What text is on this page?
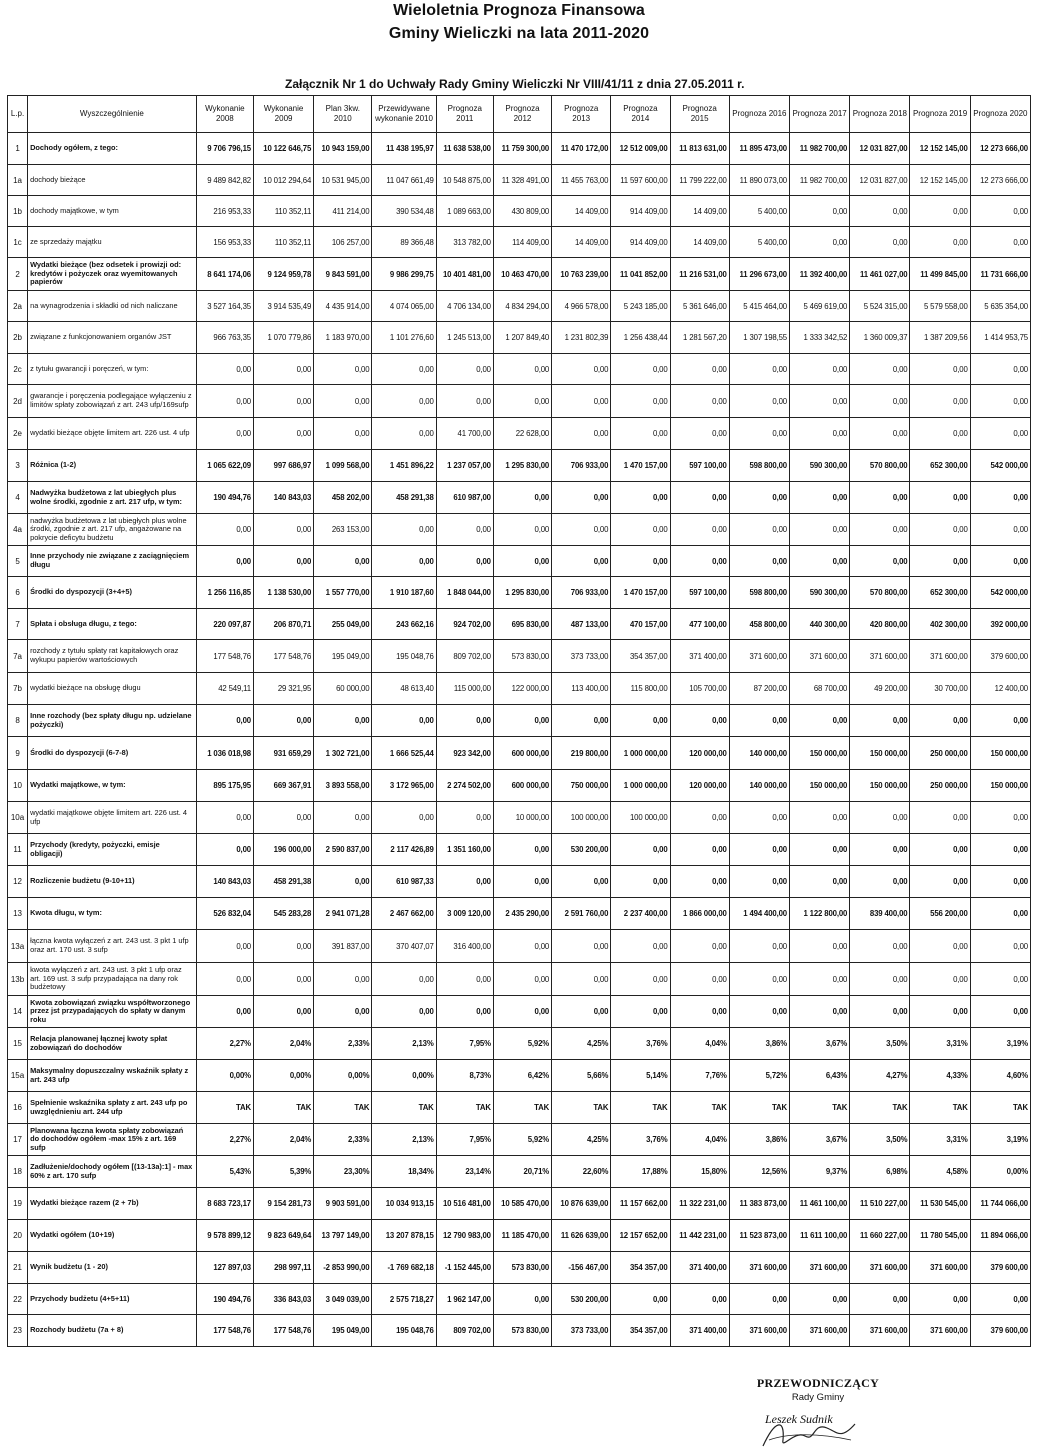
Wieloletnia Prognoza Finansowa
Gminy Wieliczki na lata 2011-2020
Załącznik Nr 1 do Uchwały Rady Gminy Wieliczki Nr VIII/41/11 z dnia 27.05.2011 r.
L.p.	Wyszczególnienie	Wykonanie 2008	Wykonanie 2009	Plan 3kw. 2010	Przewidywane wykonanie 2010	Prognoza 2011	Prognoza 2012	Prognoza 2013	Prognoza 2014	Prognoza 2015	Prognoza 2016	Prognoza 2017	Prognoza 2018	Prognoza 2019	Prognoza 2020
1	Dochody ogółem, z tego:	9 706 796,15	10 122 646,75	10 943 159,00	11 438 195,97	11 638 538,00	11 759 300,00	11 470 172,00	12 512 009,00	11 813 631,00	11 895 473,00	11 982 700,00	12 031 827,00	12 152 145,00	12 273 666,00
1a	dochody bieżące	9 489 842,82	10 012 294,64	10 531 945,00	11 047 661,49	10 548 875,00	11 328 491,00	11 455 763,00	11 597 600,00	11 799 222,00	11 890 073,00	11 982 700,00	12 031 827,00	12 152 145,00	12 273 666,00
1b	dochody majątkowe, w tym	216 953,33	110 352,11	411 214,00	390 534,48	1 089 663,00	430 809,00	14 409,00	914 409,00	14 409,00	5 400,00	0,00	0,00	0,00	0,00
1c	ze sprzedaży majątku	156 953,33	110 352,11	106 257,00	89 366,48	313 782,00	114 409,00	14 409,00	914 409,00	14 409,00	5 400,00	0,00	0,00	0,00	0,00
2	Wydatki bieżące (bez odsetek i prowizji od: kredytów i pożyczek oraz wyemitowanych papierów	8 641 174,06	9 124 959,78	9 843 591,00	9 986 299,75	10 401 481,00	10 463 470,00	10 763 239,00	11 041 852,00	11 216 531,00	11 296 673,00	11 392 400,00	11 461 027,00	11 499 845,00	11 731 666,00
2a	na wynagrodzenia i składki od nich naliczane	3 527 164,35	3 914 535,49	4 435 914,00	4 074 065,00	4 706 134,00	4 834 294,00	4 966 578,00	5 243 185,00	5 361 646,00	5 415 464,00	5 469 619,00	5 524 315,00	5 579 558,00	5 635 354,00
2b	związane z funkcjonowaniem organów JST	966 763,35	1 070 779,86	1 183 970,00	1 101 276,60	1 245 513,00	1 207 849,40	1 231 802,39	1 256 438,44	1 281 567,20	1 307 198,55	1 333 342,52	1 360 009,37	1 387 209,56	1 414 953,75
2c	z tytułu gwarancji i poręczeń, w tym:	0,00	0,00	0,00	0,00	0,00	0,00	0,00	0,00	0,00	0,00	0,00	0,00	0,00	0,00
2d	gwarancje i poręczenia podlegające wyłączeniu z limitów spłaty zobowiązań z art. 243 ufp/169sufp	0,00	0,00	0,00	0,00	0,00	0,00	0,00	0,00	0,00	0,00	0,00	0,00	0,00	0,00
2e	wydatki bieżące objęte limitem art. 226 ust. 4 ufp	0,00	0,00	0,00	0,00	41 700,00	22 628,00	0,00	0,00	0,00	0,00	0,00	0,00	0,00	0,00
3	Różnica (1-2)	1 065 622,09	997 686,97	1 099 568,00	1 451 896,22	1 237 057,00	1 295 830,00	706 933,00	1 470 157,00	597 100,00	598 800,00	590 300,00	570 800,00	652 300,00	542 000,00
4	Nadwyżka budżetowa z lat ubiegłych plus wolne środki, zgodnie z art. 217 ufp, w tym:	190 494,76	140 843,03	458 202,00	458 291,38	610 987,00	0,00	0,00	0,00	0,00	0,00	0,00	0,00	0,00	0,00
4a	nadwyżka budżetowa z lat ubiegłych plus wolne środki, zgodnie z art. 217 ufp, angażowane na pokrycie deficytu budżetu	0,00	0,00	263 153,00	0,00	0,00	0,00	0,00	0,00	0,00	0,00	0,00	0,00	0,00	0,00
5	Inne przychody nie związane z zaciągnięciem długu	0,00	0,00	0,00	0,00	0,00	0,00	0,00	0,00	0,00	0,00	0,00	0,00	0,00	0,00
6	Środki do dyspozycji (3+4+5)	1 256 116,85	1 138 530,00	1 557 770,00	1 910 187,60	1 848 044,00	1 295 830,00	706 933,00	1 470 157,00	597 100,00	598 800,00	590 300,00	570 800,00	652 300,00	542 000,00
7	Spłata i obsługa długu, z tego:	220 097,87	206 870,71	255 049,00	243 662,16	924 702,00	695 830,00	487 133,00	470 157,00	477 100,00	458 800,00	440 300,00	420 800,00	402 300,00	392 000,00
7a	rozchody z tytułu spłaty rat kapitałowych oraz wykupu papierów wartościowych	177 548,76	177 548,76	195 049,00	195 048,76	809 702,00	573 830,00	373 733,00	354 357,00	371 400,00	371 600,00	371 600,00	371 600,00	371 600,00	379 600,00
7b	wydatki bieżące na obsługę długu	42 549,11	29 321,95	60 000,00	48 613,40	115 000,00	122 000,00	113 400,00	115 800,00	105 700,00	87 200,00	68 700,00	49 200,00	30 700,00	12 400,00
8	Inne rozchody (bez spłaty długu np. udzielane pożyczki)	0,00	0,00	0,00	0,00	0,00	0,00	0,00	0,00	0,00	0,00	0,00	0,00	0,00	0,00
9	Środki do dyspozycji (6-7-8)	1 036 018,98	931 659,29	1 302 721,00	1 666 525,44	923 342,00	600 000,00	219 800,00	1 000 000,00	120 000,00	140 000,00	150 000,00	150 000,00	250 000,00	150 000,00
10	Wydatki majątkowe, w tym:	895 175,95	669 367,91	3 893 558,00	3 172 965,00	2 274 502,00	600 000,00	750 000,00	1 000 000,00	120 000,00	140 000,00	150 000,00	150 000,00	250 000,00	150 000,00
10a	wydatki majątkowe objęte limitem art. 226 ust. 4 ufp	0,00	0,00	0,00	0,00	0,00	10 000,00	100 000,00	100 000,00	0,00	0,00	0,00	0,00	0,00	0,00
11	Przychody (kredyty, pożyczki, emisje obligacji)	0,00	196 000,00	2 590 837,00	2 117 426,89	1 351 160,00	0,00	530 200,00	0,00	0,00	0,00	0,00	0,00	0,00	0,00
12	Rozliczenie budżetu (9-10+11)	140 843,03	458 291,38	0,00	610 987,33	0,00	0,00	0,00	0,00	0,00	0,00	0,00	0,00	0,00	0,00
13	Kwota długu, w tym:	526 832,04	545 283,28	2 941 071,28	2 467 662,00	3 009 120,00	2 435 290,00	2 591 760,00	2 237 400,00	1 866 000,00	1 494 400,00	1 122 800,00	839 400,00	556 200,00	0,00
13a	łączna kwota wyłączeń z art. 243 ust. 3 pkt 1 ufp oraz art. 170 ust. 3 sufp	0,00	0,00	391 837,00	370 407,07	316 400,00	0,00	0,00	0,00	0,00	0,00	0,00	0,00	0,00	0,00
13b	kwota wyłączeń z art. 243 ust. 3 pkt 1 ufp oraz art. 169 ust. 3 sufp przypadająca na dany rok budżetowy	0,00	0,00	0,00	0,00	0,00	0,00	0,00	0,00	0,00	0,00	0,00	0,00	0,00	0,00
14	Kwota zobowiązań związku współtworzonego przez jst przypadających do spłaty w danym roku	0,00	0,00	0,00	0,00	0,00	0,00	0,00	0,00	0,00	0,00	0,00	0,00	0,00	0,00
15	Relacja planowanej łącznej kwoty spłat zobowiązań do dochodów	2,27%	2,04%	2,33%	2,13%	7,95%	5,92%	4,25%	3,76%	4,04%	3,86%	3,67%	3,50%	3,31%	3,19%
15a	Maksymalny dopuszczalny wskaźnik spłaty z art. 243 ufp	0,00%	0,00%	0,00%	0,00%	8,73%	6,42%	5,66%	5,14%	7,76%	5,72%	6,43%	4,27%	4,33%	4,60%
16	Spełnienie wskaźnika spłaty z art. 243 ufp po uwzględnieniu art. 244 ufp	TAK	TAK	TAK	TAK	TAK	TAK	TAK	TAK	TAK	TAK	TAK	TAK	TAK	TAK
17	Planowana łączna kwota spłaty zobowiązań do dochodów ogółem -max 15% z art. 169 sufp	2,27%	2,04%	2,33%	2,13%	7,95%	5,92%	4,25%	3,76%	4,04%	3,86%	3,67%	3,50%	3,31%	3,19%
18	Zadłużenie/dochody ogółem [(13-13a):1] - max 60% z art. 170 sufp	5,43%	5,39%	23,30%	18,34%	23,14%	20,71%	22,60%	17,88%	15,80%	12,56%	9,37%	6,98%	4,58%	0,00%
19	Wydatki bieżące razem (2 + 7b)	8 683 723,17	9 154 281,73	9 903 591,00	10 034 913,15	10 516 481,00	10 585 470,00	10 876 639,00	11 157 662,00	11 322 231,00	11 383 873,00	11 461 100,00	11 510 227,00	11 530 545,00	11 744 066,00
20	Wydatki ogółem (10+19)	9 578 899,12	9 823 649,64	13 797 149,00	13 207 878,15	12 790 983,00	11 185 470,00	11 626 639,00	12 157 652,00	11 442 231,00	11 523 873,00	11 611 100,00	11 660 227,00	11 780 545,00	11 894 066,00
21	Wynik budżetu (1 - 20)	127 897,03	298 997,11	-2 853 990,00	-1 769 682,18	-1 152 445,00	573 830,00	-156 467,00	354 357,00	371 400,00	371 600,00	371 600,00	371 600,00	371 600,00	379 600,00
22	Przychody budżetu (4+5+11)	190 494,76	336 843,03	3 049 039,00	2 575 718,27	1 962 147,00	0,00	530 200,00	0,00	0,00	0,00	0,00	0,00	0,00	0,00
23	Rozchody budżetu (7a + 8)	177 548,76	177 548,76	195 049,00	195 048,76	809 702,00	573 830,00	373 733,00	354 357,00	371 400,00	371 600,00	371 600,00	371 600,00	371 600,00	379 600,00
PRZEWODNICZĄCY
Rady Gminy
Leszek Sudnik
